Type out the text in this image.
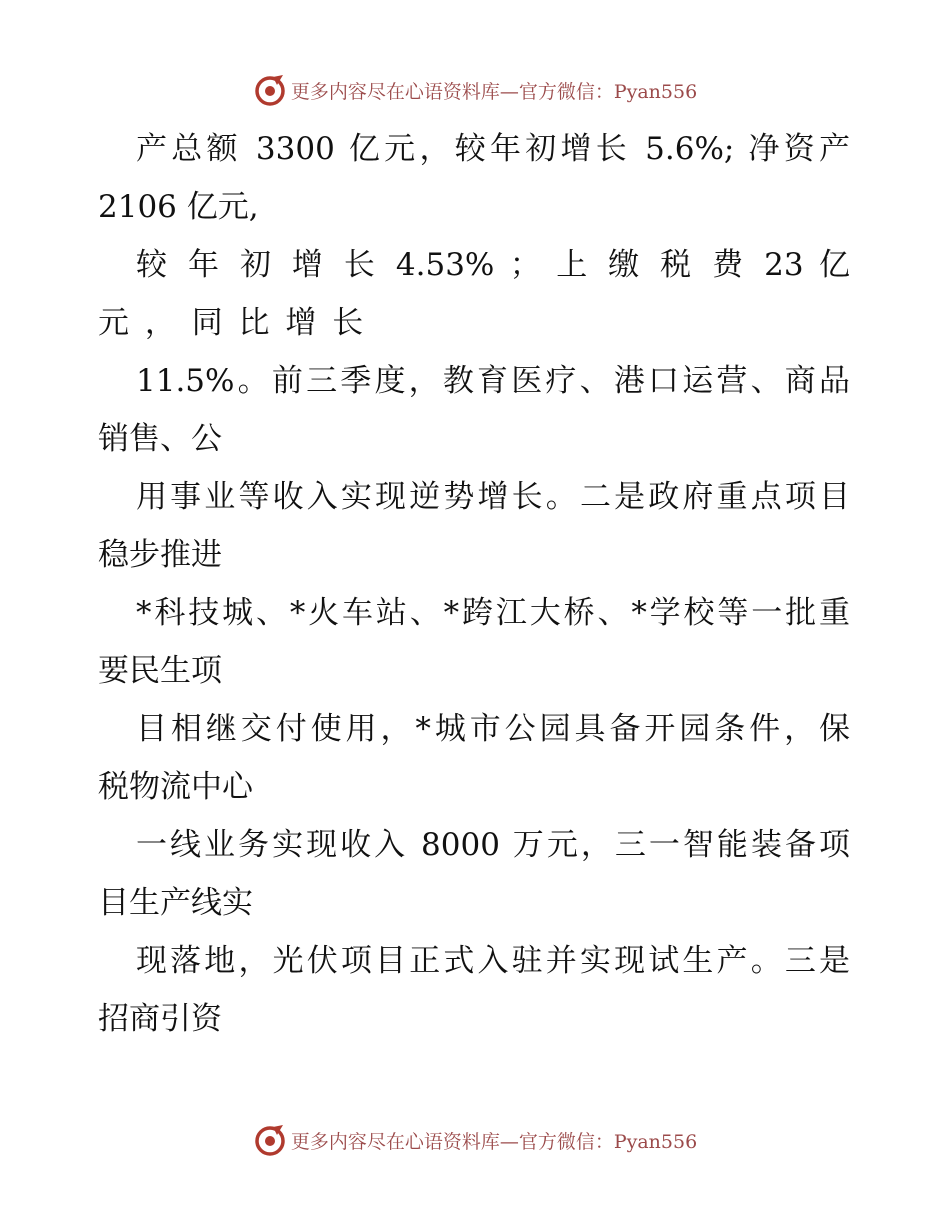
更多内容尽在心语资料库—官方微信：Pyan556
产总额 3300 亿元，较年初增长 5.6%; 净资产
2106 亿元,
较 年 初 增 长 4.53% ； 上 缴 税 费 23 亿
元 ， 同 比 增 长
11.5%。前三季度，教育医疗、港口运营、商品
销售、公
用事业等收入实现逆势增长。二是政府重点项目
稳步推进
*科技城、*火车站、*跨江大桥、*学校等一批重
要民生项
目相继交付使用，*城市公园具备开园条件，保
税物流中心
一线业务实现收入 8000 万元，三一智能装备项
目生产线实
现落地，光伏项目正式入驻并实现试生产。三是
招商引资
更多内容尽在心语资料库—官方微信：Pyan556
